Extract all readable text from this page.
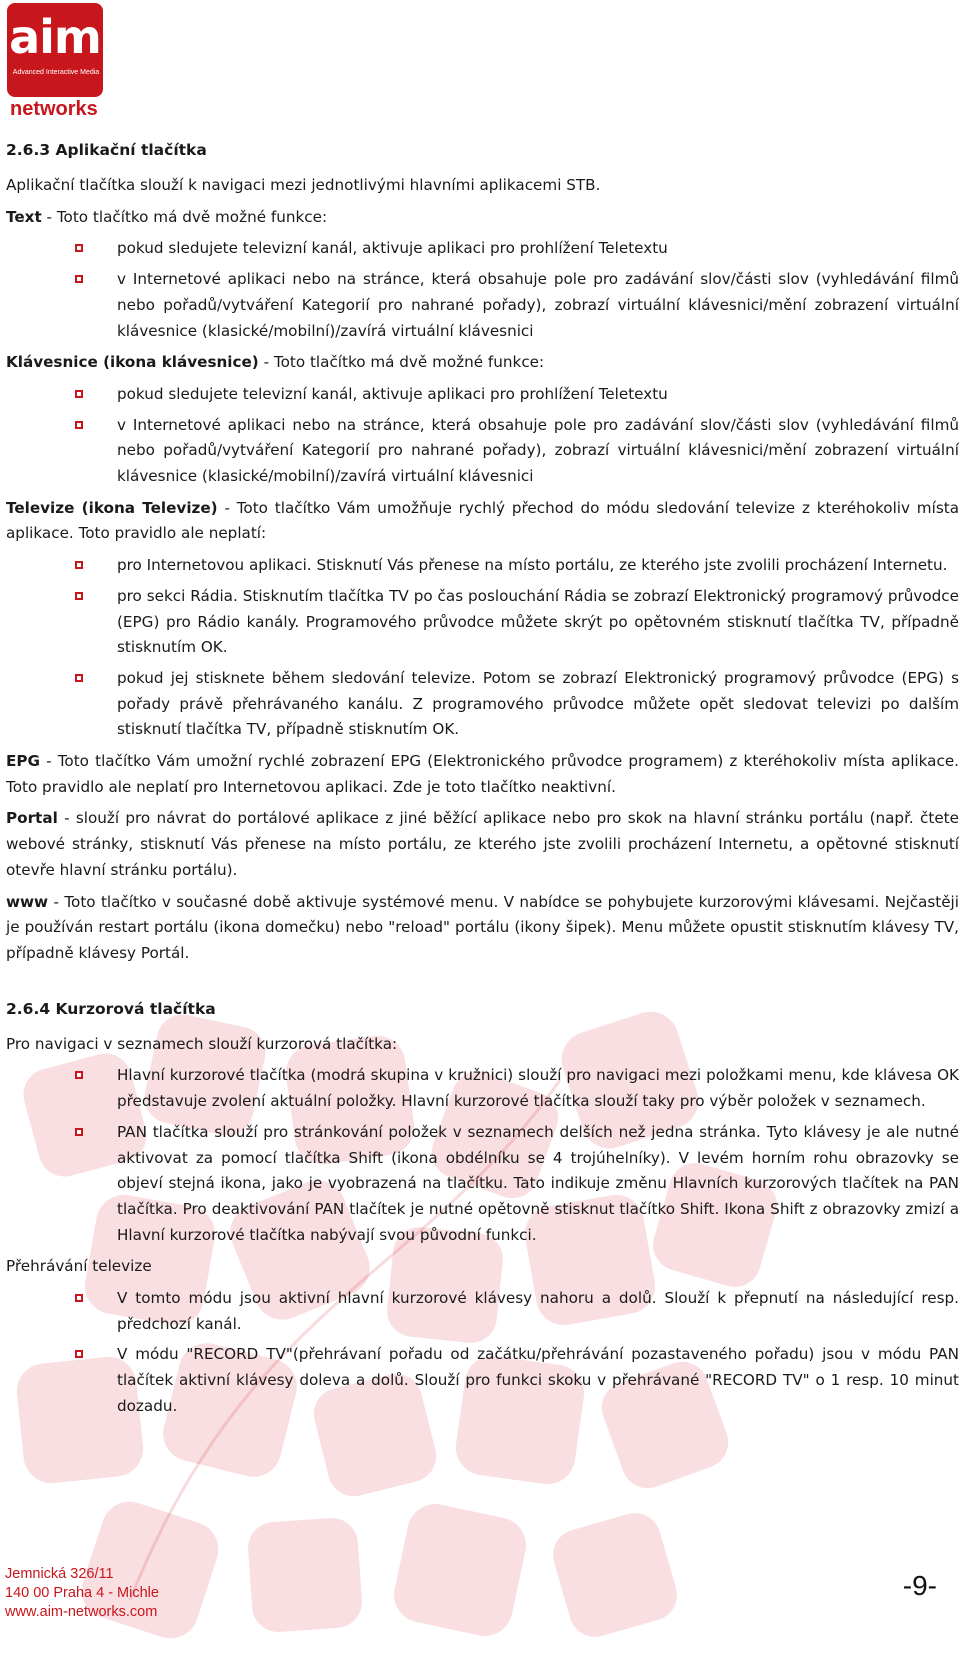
aim
Advanced Interactive Media
networks
2.6.3 Aplikační tlačítka

Aplikační tlačítka slouží k navigaci mezi jednotlivými hlavními aplikacemi STB.

Text - Toto tlačítko má dvě možné funkce:

pokud sledujete televizní kanál, aktivuje aplikaci pro prohlížení Teletextu
v Internetové aplikaci nebo na stránce, která obsahuje pole pro zadávání slov/části slov (vyhledávání filmů nebo pořadů/vytváření Kategorií pro nahrané pořady), zobrazí virtuální klávesnici/mění zobrazení virtuální klávesnice (klasické/mobilní)/zavírá virtuální klávesnici

Klávesnice (ikona klávesnice) - Toto tlačítko má dvě možné funkce:

pokud sledujete televizní kanál, aktivuje aplikaci pro prohlížení Teletextu
v Internetové aplikaci nebo na stránce, která obsahuje pole pro zadávání slov/části slov (vyhledávání filmů nebo pořadů/vytváření Kategorií pro nahrané pořady), zobrazí virtuální klávesnici/mění zobrazení virtuální klávesnice (klasické/mobilní)/zavírá virtuální klávesnici

Televize (ikona Televize) - Toto tlačítko Vám umožňuje rychlý přechod do módu sledování televize z kteréhokoliv místa aplikace. Toto pravidlo ale neplatí:

pro Internetovou aplikaci. Stisknutí Vás přenese na místo portálu, ze kterého jste zvolili procházení Internetu.
pro sekci Rádia. Stisknutím tlačítka TV po čas poslouchání Rádia se zobrazí Elektronický programový průvodce (EPG) pro Rádio kanály. Programového průvodce můžete skrýt po opětovném stisknutí tlačítka TV, případně stisknutím OK.
pokud jej stisknete během sledování televize. Potom se zobrazí Elektronický programový průvodce (EPG) s pořady právě přehrávaného kanálu. Z programového průvodce můžete opět sledovat televizi po dalším stisknutí tlačítka TV, případně stisknutím OK.

EPG - Toto tlačítko Vám umožní rychlé zobrazení EPG (Elektronického průvodce programem) z kteréhokoliv místa aplikace. Toto pravidlo ale neplatí pro Internetovou aplikaci. Zde je toto tlačítko neaktivní.

Portal - slouží pro návrat do portálové aplikace z jiné běžící aplikace nebo pro skok na hlavní stránku portálu (např. čtete webové stránky, stisknutí Vás přenese na místo portálu, ze kterého jste zvolili procházení Internetu, a opětovné stisknutí otevře hlavní stránku portálu).

www - Toto tlačítko v současné době aktivuje systémové menu. V nabídce se pohybujete kurzorovými klávesami. Nejčastěji je používán restart portálu (ikona domečku) nebo "reload" portálu (ikony šipek). Menu můžete opustit stisknutím klávesy TV, případně klávesy Portál.

2.6.4 Kurzorová tlačítka

Pro navigaci v seznamech slouží kurzorová tlačítka:

Hlavní kurzorové tlačítka (modrá skupina v kružnici) slouží pro navigaci mezi položkami menu, kde klávesa OK představuje zvolení aktuální položky. Hlavní kurzorové tlačítka slouží taky pro výběr položek v seznamech.
PAN tlačítka slouží pro stránkování položek v seznamech delších než jedna stránka. Tyto klávesy je ale nutné aktivovat za pomocí tlačítka Shift (ikona obdélníku se 4 trojúhelníky). V levém horním rohu obrazovky se objeví stejná ikona, jako je vyobrazená na tlačítku. Tato indikuje změnu Hlavních kurzorových tlačítek na PAN tlačítka. Pro deaktivování PAN tlačítek je nutné opětovně stisknut tlačítko Shift. Ikona Shift z obrazovky zmizí a Hlavní kurzorové tlačítka nabývají svou původní funkci.

Přehrávání televize

V tomto módu jsou aktivní hlavní kurzorové klávesy nahoru a dolů. Slouží k přepnutí na následující resp. předchozí kanál.
V módu "RECORD TV"(přehrávaní pořadu od začátku/přehrávání pozastaveného pořadu) jsou v módu PAN tlačítek aktivní klávesy doleva a dolů. Slouží pro funkci skoku v přehrávané "RECORD TV" o 1 resp. 10 minut dozadu.
Jemnická 326/11
140 00 Praha 4 - Michle
www.aim-networks.com
-9-
